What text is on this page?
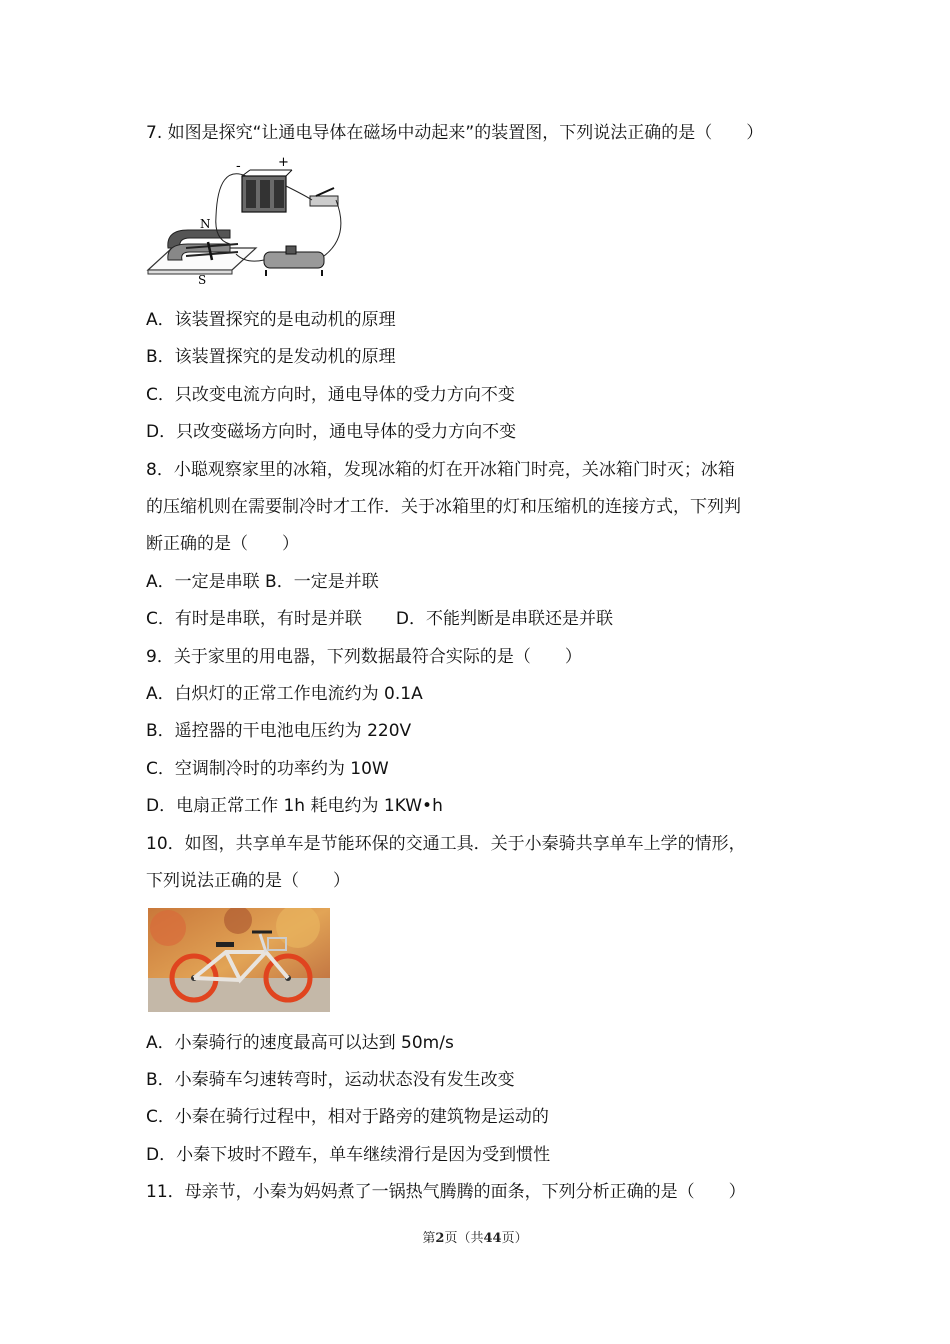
7. 如图是探究“让通电导体在磁场中动起来”的装置图，下列说法正确的是（　　）
N
S
-	+
A．该装置探究的是电动机的原理
B．该装置探究的是发动机的原理
C．只改变电流方向时，通电导体的受力方向不变
D．只改变磁场方向时，通电导体的受力方向不变
8．小聪观察家里的冰箱，发现冰箱的灯在开冰箱门时亮，关冰箱门时灭；冰箱
的压缩机则在需要制冷时才工作．关于冰箱里的灯和压缩机的连接方式，下列判
断正确的是（　　）
A．一定是串联 B．一定是并联
C．有时是串联，有时是并联　　D．不能判断是串联还是并联
9．关于家里的用电器，下列数据最符合实际的是（　　）
A．白炽灯的正常工作电流约为 0.1A
B．遥控器的干电池电压约为 220V
C．空调制冷时的功率约为 10W
D．电扇正常工作 1h 耗电约为 1KW•h
10．如图，共享单车是节能环保的交通工具．关于小秦骑共享单车上学的情形，
下列说法正确的是（　　）
A．小秦骑行的速度最高可以达到 50m/s
B．小秦骑车匀速转弯时，运动状态没有发生改变
C．小秦在骑行过程中，相对于路旁的建筑物是运动的
D．小秦下坡时不蹬车，单车继续滑行是因为受到惯性
11．母亲节，小秦为妈妈煮了一锅热气腾腾的面条，下列分析正确的是（　　）
第2页（共44页）
